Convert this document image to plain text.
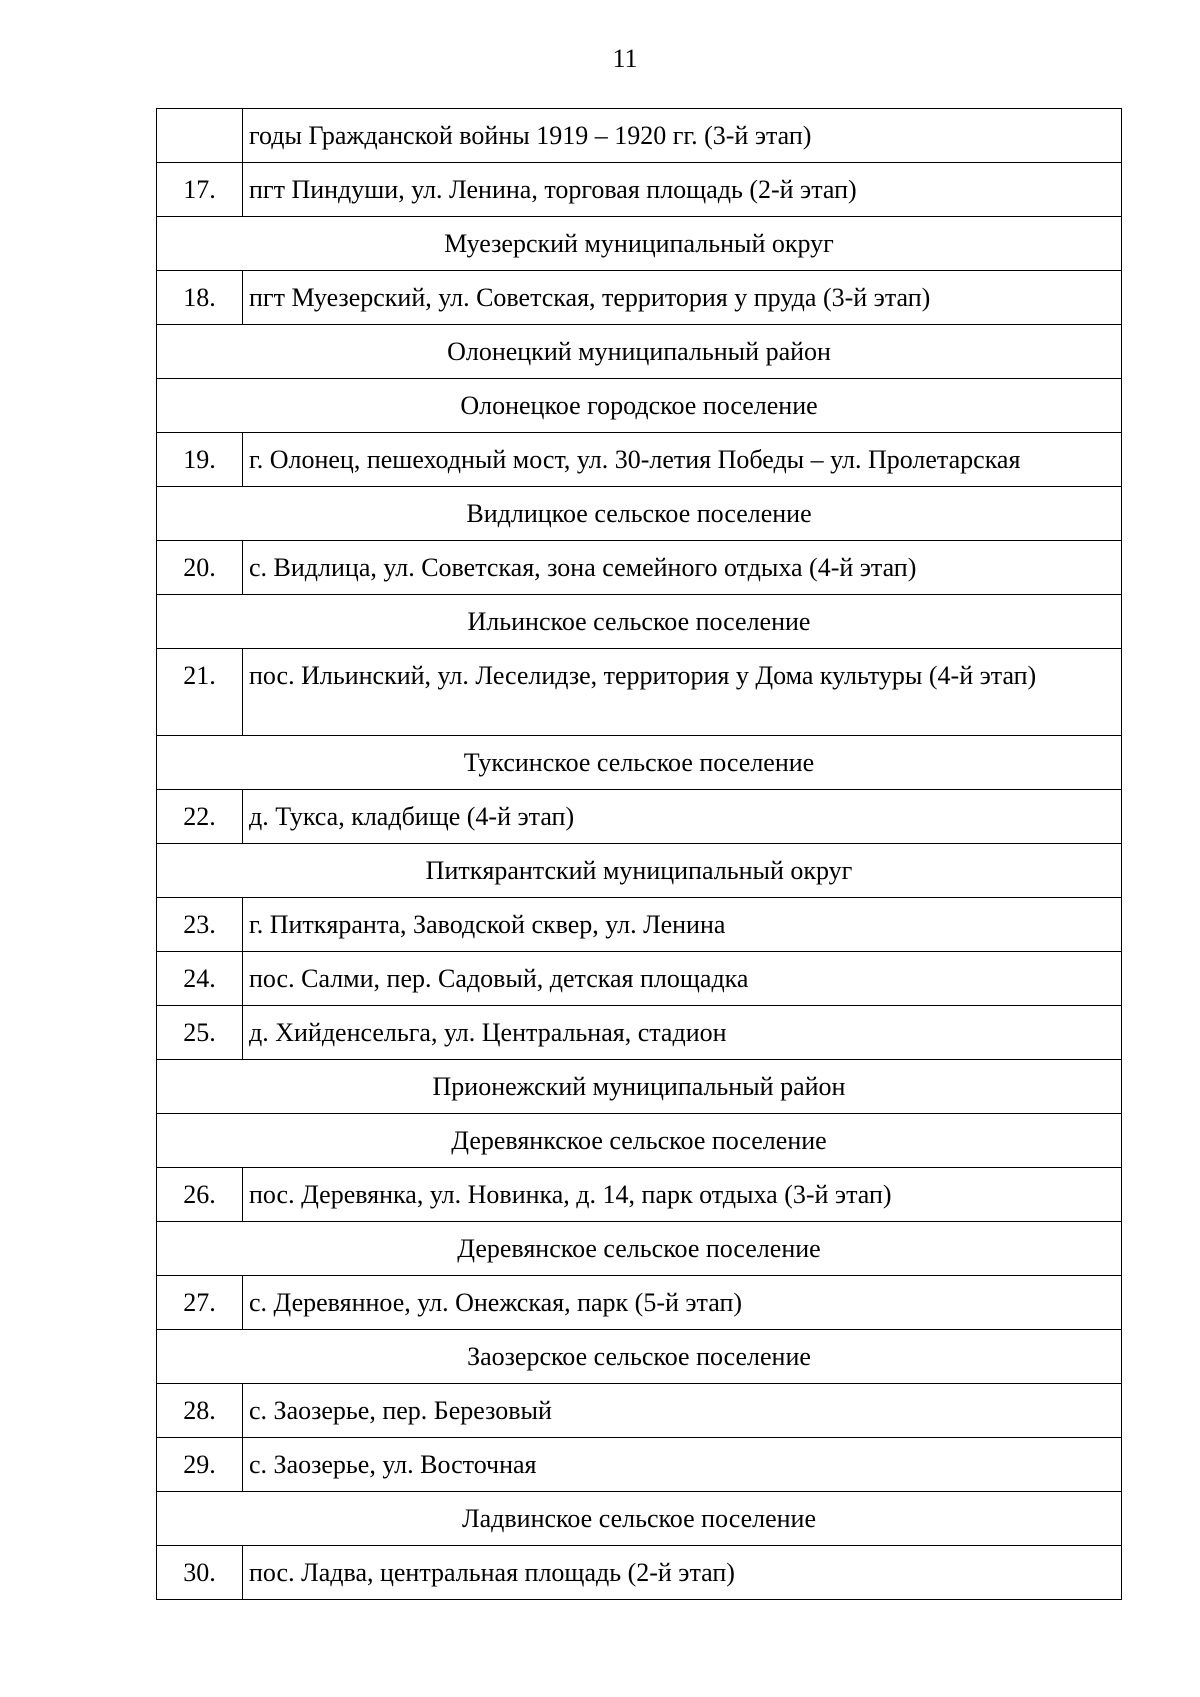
11
	годы Гражданской войны 1919 – 1920 гг. (3-й этап)
17.	пгт Пиндуши, ул. Ленина, торговая площадь (2-й этап)
Муезерский муниципальный округ	
18.	пгт Муезерский, ул. Советская, территория у пруда (3-й этап)
Олонецкий муниципальный район	
Олонецкое городское поселение	
19.	г. Олонец, пешеходный мост, ул. 30-летия Победы – ул. Пролетарская
Видлицкое сельское поселение	
20.	с. Видлица, ул. Советская, зона семейного отдыха (4-й этап)
Ильинское сельское поселение	
21.	пос. Ильинский, ул. Леселидзе, территория у Дома культуры (4-й этап)
Туксинское сельское поселение	
22.	д. Тукса, кладбище (4-й этап)
Питкярантский муниципальный округ	
23.	г. Питкяранта, Заводской сквер, ул. Ленина
24.	пос. Салми, пер. Садовый, детская площадка
25.	д. Хийденсельга, ул. Центральная, стадион
Прионежский муниципальный район	
Деревянкское сельское поселение	
26.	пос. Деревянка, ул. Новинка, д. 14, парк отдыха (3-й этап)
Деревянское сельское поселение	
27.	с. Деревянное, ул. Онежская, парк (5-й этап)
Заозерское сельское поселение	
28.	с. Заозерье, пер. Березовый
29.	с. Заозерье, ул. Восточная
Ладвинское сельское поселение	
30.	пос. Ладва, центральная площадь (2-й этап)
